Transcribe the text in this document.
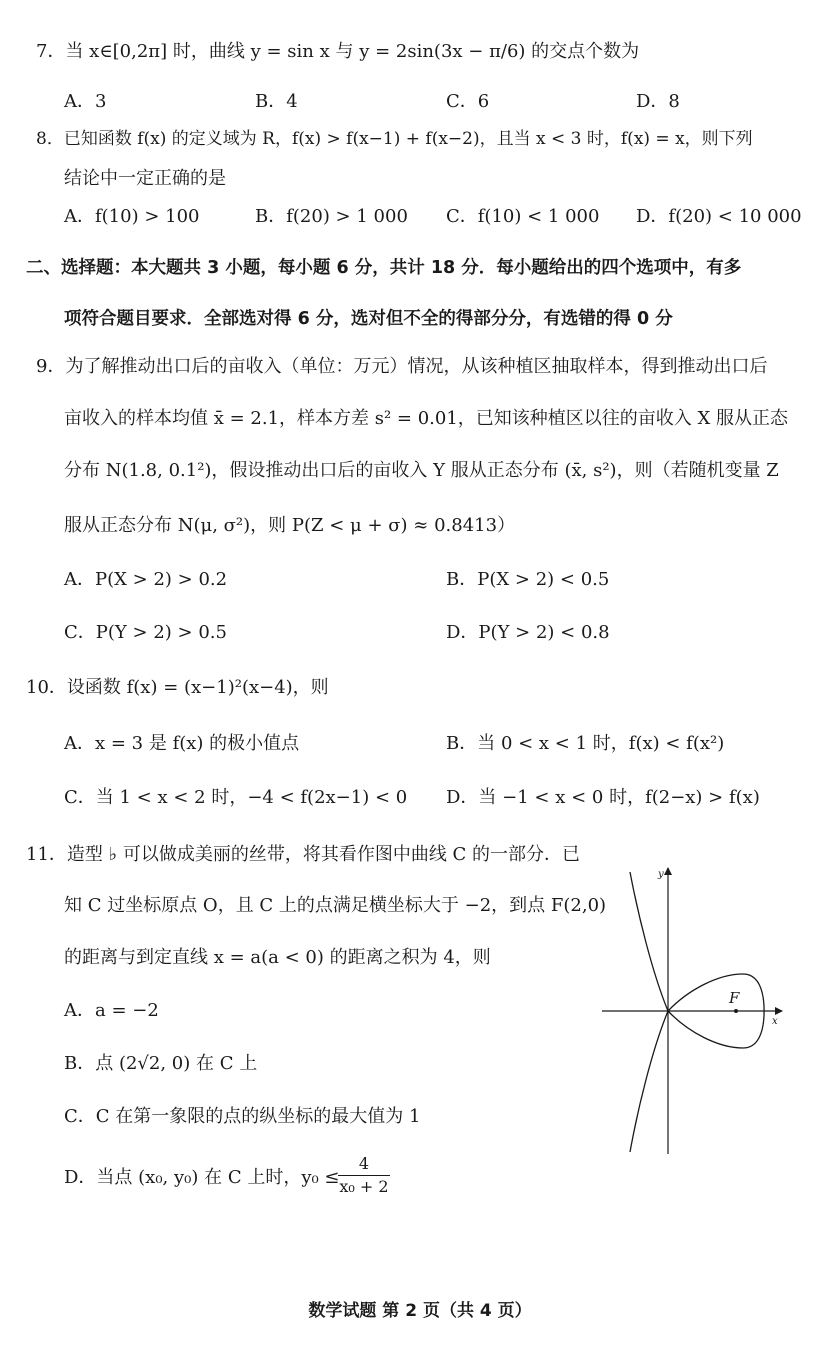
7．当 x∈[0,2π] 时，曲线 y = sin x 与 y = 2sin(3x − π/6) 的交点个数为
A．3	B．4	C．6	D．8
8．已知函数 f(x) 的定义域为 R，f(x) > f(x−1) + f(x−2)，且当 x < 3 时，f(x) = x，则下列
结论中一定正确的是
A．f(10) > 100	B．f(20) > 1 000 C．f(10) < 1 000 D．f(20) < 10 000
二、选择题：本大题共 3 小题，每小题 6 分，共计 18 分．每小题给出的四个选项中，有多
项符合题目要求．全部选对得 6 分，选对但不全的得部分分，有选错的得 0 分
9．为了解推动出口后的亩收入（单位：万元）情况，从该种植区抽取样本，得到推动出口后
亩收入的样本均值 x̄ = 2.1，样本方差 s² = 0.01，已知该种植区以往的亩收入 X 服从正态
分布 N(1.8, 0.1²)，假设推动出口后的亩收入 Y 服从正态分布 (x̄, s²)，则（若随机变量 Z
服从正态分布 N(μ, σ²)，则 P(Z < μ + σ) ≈ 0.8413）
A．P(X > 2) > 0.2	B．P(X > 2) < 0.5
C．P(Y > 2) > 0.5	D．P(Y > 2) < 0.8
10．设函数 f(x) = (x−1)²(x−4)，则
A．x = 3 是 f(x) 的极小值点	B．当 0 < x < 1 时，f(x) < f(x²)
C．当 1 < x < 2 时，−4 < f(2x−1) < 0 D．当 −1 < x < 0 时，f(2−x) > f(x)
11．造型 ♭ 可以做成美丽的丝带，将其看作图中曲线 C 的一部分．已
知 C 过坐标原点 O，且 C 上的点满足横坐标大于 −2，到点 F(2,0)
的距离与到定直线 x = a(a < 0) 的距离之积为 4，则
A．a = −2
B．点 (2√2, 0) 在 C 上
C．C 在第一象限的点的纵坐标的最大值为 1
D．当点 (x₀, y₀) 在 C 上时，y₀ ≤
$\frac{4}{\text{x₀ + 2}}$
x
y
F
数学试题 第 2 页（共 4 页）
